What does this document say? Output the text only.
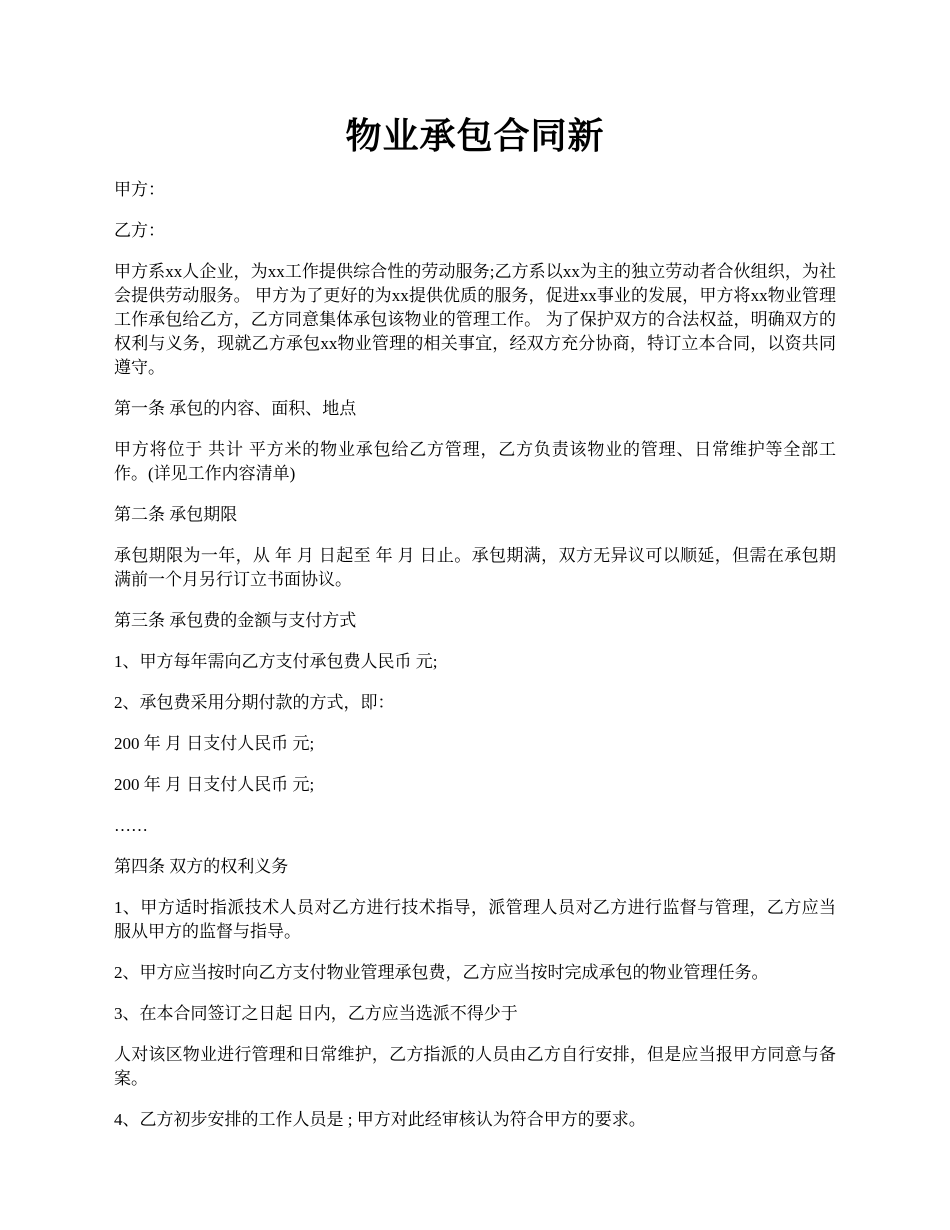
物业承包合同新

甲方：

乙方：

甲方系xx人企业，为xx工作提供综合性的劳动服务;乙方系以xx为主的独立劳动者合伙组织，为社会提供劳动服务。 甲方为了更好的为xx提供优质的服务，促进xx事业的发展，甲方将xx物业管理工作承包给乙方，乙方同意集体承包该物业的管理工作。 为了保护双方的合法权益，明确双方的权利与义务，现就乙方承包xx物业管理的相关事宜，经双方充分协商，特订立本合同，以资共同遵守。

第一条 承包的内容、面积、地点

甲方将位于 共计 平方米的物业承包给乙方管理，乙方负责该物业的管理、日常维护等全部工作。(详见工作内容清单)

第二条 承包期限

承包期限为一年，从 年 月 日起至 年 月 日止。承包期满，双方无异议可以顺延，但需在承包期满前一个月另行订立书面协议。

第三条 承包费的金额与支付方式

1、甲方每年需向乙方支付承包费人民币 元;

2、承包费采用分期付款的方式，即：

200 年 月 日支付人民币 元;

200 年 月 日支付人民币 元;

……

第四条 双方的权利义务

1、甲方适时指派技术人员对乙方进行技术指导，派管理人员对乙方进行监督与管理，乙方应当服从甲方的监督与指导。

2、甲方应当按时向乙方支付物业管理承包费，乙方应当按时完成承包的物业管理任务。

3、在本合同签订之日起 日内，乙方应当选派不得少于

人对该区物业进行管理和日常维护，乙方指派的人员由乙方自行安排，但是应当报甲方同意与备案。

4、乙方初步安排的工作人员是 ; 甲方对此经审核认为符合甲方的要求。
